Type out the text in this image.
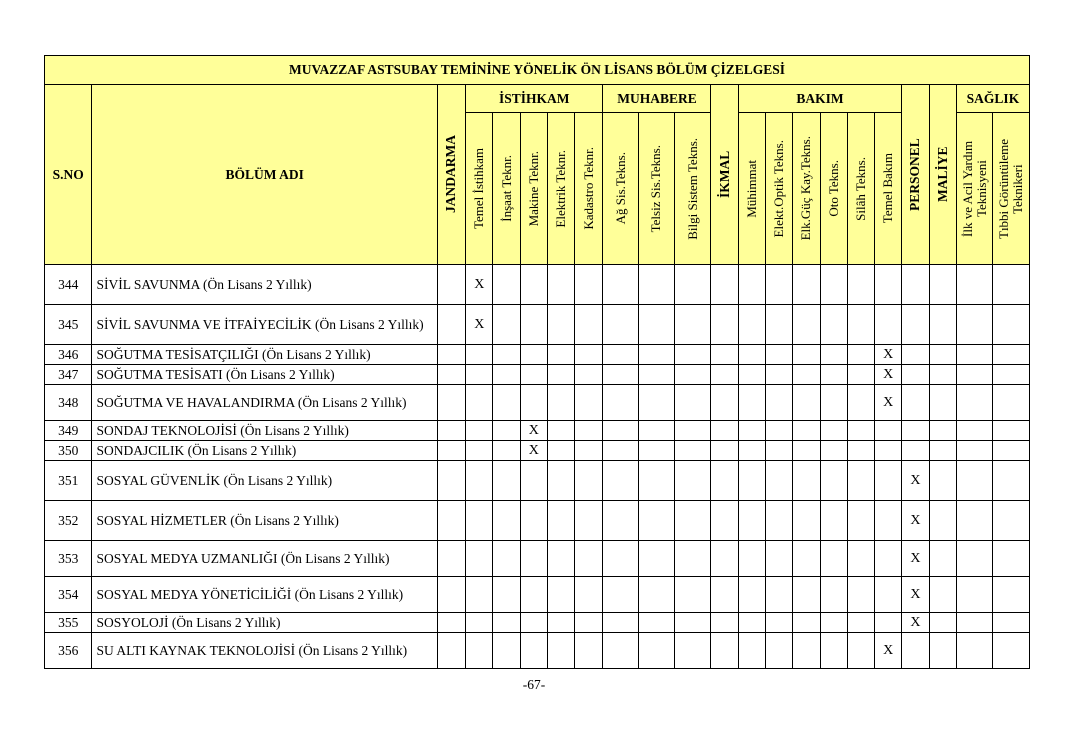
MUVAZZAF ASTSUBAY TEMİNİNE YÖNELİK ÖN LİSANS BÖLÜM ÇİZELGESİ																					
S.NO	BÖLÜM ADI	JANDARMA	İSTİHKAM					MUHABERE			İKMAL	BAKIM						PERSONEL	MALİYE	SAĞLIK	

			Temel İstihkam	İnşaat Teknr.	Makine Teknr.	Elektrik Teknr.	Kadastro Teknr.	Ağ Sis.Tekns.	Telsiz Sis.Tekns.	Bilgi Sistem Tekns.		Mühimmat	Elekt.Optik Tekns.	Elk.Güç Kay.Tekns.	Oto Tekns.	Silâh Tekns.	Temel Bakım			İlk ve Acil Yardım Teknisyeni	Tıbbi Görüntüleme Teknikeri

344	SİVİL SAVUNMA (Ön Lisans 2 Yıllık)		X																		
345	SİVİL SAVUNMA VE İTFAİYECİLİK (Ön Lisans 2 Yıllık)		X																		
346	SOĞUTMA TESİSATÇILIĞI (Ön Lisans 2 Yıllık)																X				
347	SOĞUTMA TESİSATI (Ön Lisans 2 Yıllık)																X				
348	SOĞUTMA VE HAVALANDIRMA (Ön Lisans 2 Yıllık)																X				
349	SONDAJ TEKNOLOJİSİ (Ön Lisans 2 Yıllık)				X																
350	SONDAJCILIK (Ön Lisans 2 Yıllık)				X																
351	SOSYAL GÜVENLİK (Ön Lisans 2 Yıllık)																	X			
352	SOSYAL HİZMETLER (Ön Lisans 2 Yıllık)																	X			
353	SOSYAL MEDYA UZMANLIĞI (Ön Lisans 2 Yıllık)																	X			
354	SOSYAL MEDYA YÖNETİCİLİĞİ (Ön Lisans 2 Yıllık)																	X			
355	SOSYOLOJİ (Ön Lisans 2 Yıllık)																	X			
356	SU ALTI KAYNAK TEKNOLOJİSİ (Ön Lisans 2 Yıllık)																X				
-67-
